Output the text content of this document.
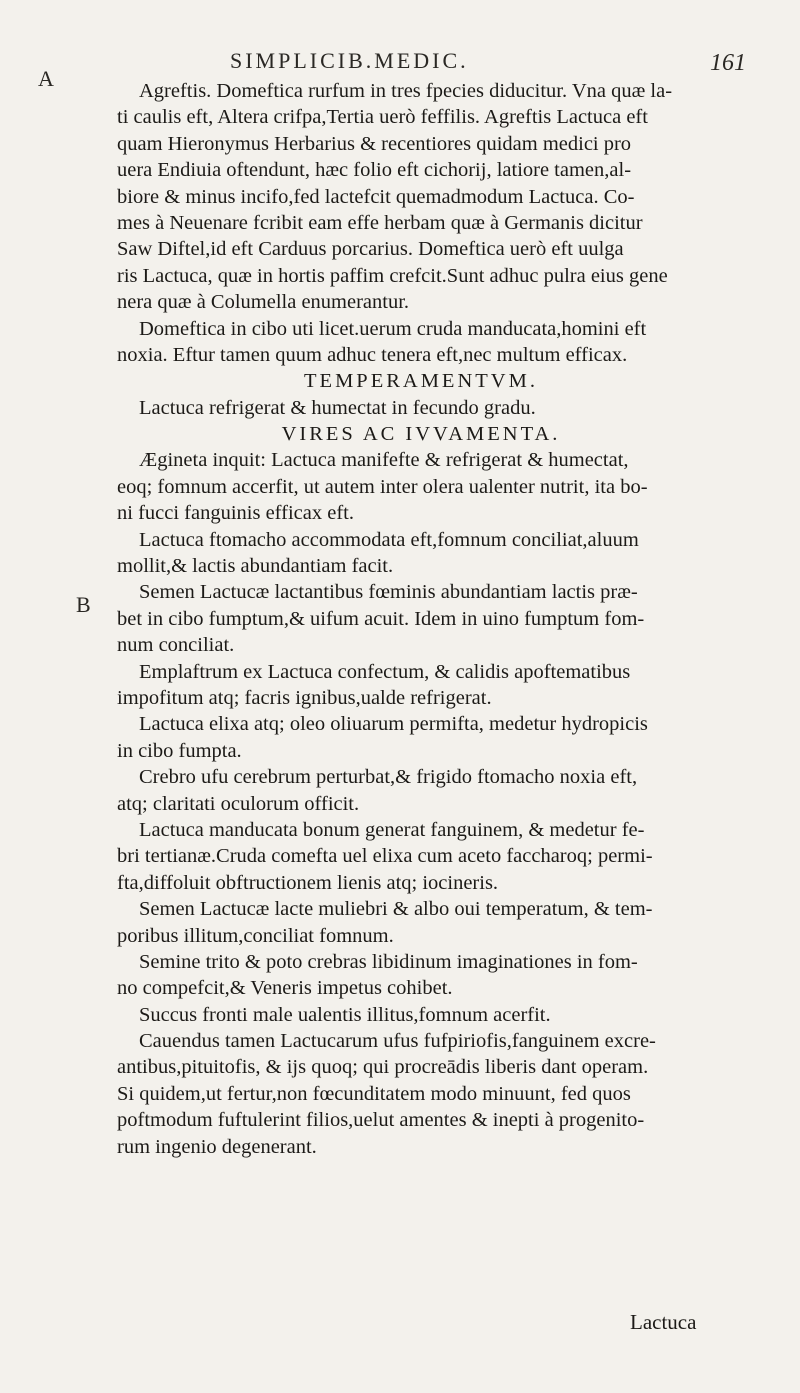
SIMPLICIB.MEDIC.	161
A
B
Agreftis. Domeftica rurfum in tres fpecies diducitur. Vna quæ la-
ti caulis eft, Altera crifpa,Tertia uerò feffilis. Agreftis Lactuca eft
quam Hieronymus Herbarius & recentiores quidam medici pro
uera Endiuia oftendunt, hæc folio eft cichorij, latiore tamen,al-
biore & minus incifo,fed lactefcit quemadmodum Lactuca. Co-
mes à Neuenare fcribit eam effe herbam quæ à Germanis dicitur
Saw Diftel,id eft Carduus porcarius. Domeftica uerò eft uulga
ris Lactuca, quæ in hortis paffim crefcit.Sunt adhuc pulra eius gene
nera quæ à Columella enumerantur.
Domeftica in cibo uti licet.uerum cruda manducata,homini eft
noxia. Eftur tamen quum adhuc tenera eft,nec multum efficax.
TEMPERAMENTVM.
Lactuca refrigerat & humectat in fecundo gradu.
VIRES AC IVVAMENTA.
Ægineta inquit: Lactuca manifefte & refrigerat & humectat,
eoq; fomnum accerfit, ut autem inter olera ualenter nutrit, ita bo-
ni fucci fanguinis efficax eft.
Lactuca ftomacho accommodata eft,fomnum conciliat,aluum
mollit,& lactis abundantiam facit.
Semen Lactucæ lactantibus fœminis abundantiam lactis præ-
bet in cibo fumptum,& uifum acuit. Idem in uino fumptum fom-
num conciliat.
Emplaftrum ex Lactuca confectum, & calidis apoftematibus
impofitum atq; facris ignibus,ualde refrigerat.
Lactuca elixa atq; oleo oliuarum permifta, medetur hydropicis
in cibo fumpta.
Crebro ufu cerebrum perturbat,& frigido ftomacho noxia eft,
atq; claritati oculorum officit.
Lactuca manducata bonum generat fanguinem, & medetur fe-
bri tertianæ.Cruda comefta uel elixa cum aceto faccharoq; permi-
fta,diffoluit obftructionem lienis atq; iocineris.
Semen Lactucæ lacte muliebri & albo oui temperatum, & tem-
poribus illitum,conciliat fomnum.
Semine trito & poto crebras libidinum imaginationes in fom-
no compefcit,& Veneris impetus cohibet.
Succus fronti male ualentis illitus,fomnum acerfit.
Cauendus tamen Lactucarum ufus fufpiriofis,fanguinem excre-
antibus,pituitofis, & ijs quoq; qui procreādis liberis dant operam.
Si quidem,ut fertur,non fœcunditatem modo minuunt, fed quos
poftmodum fuftulerint filios,uelut amentes & inepti à progenito-
rum ingenio degenerant.
Lactuca
